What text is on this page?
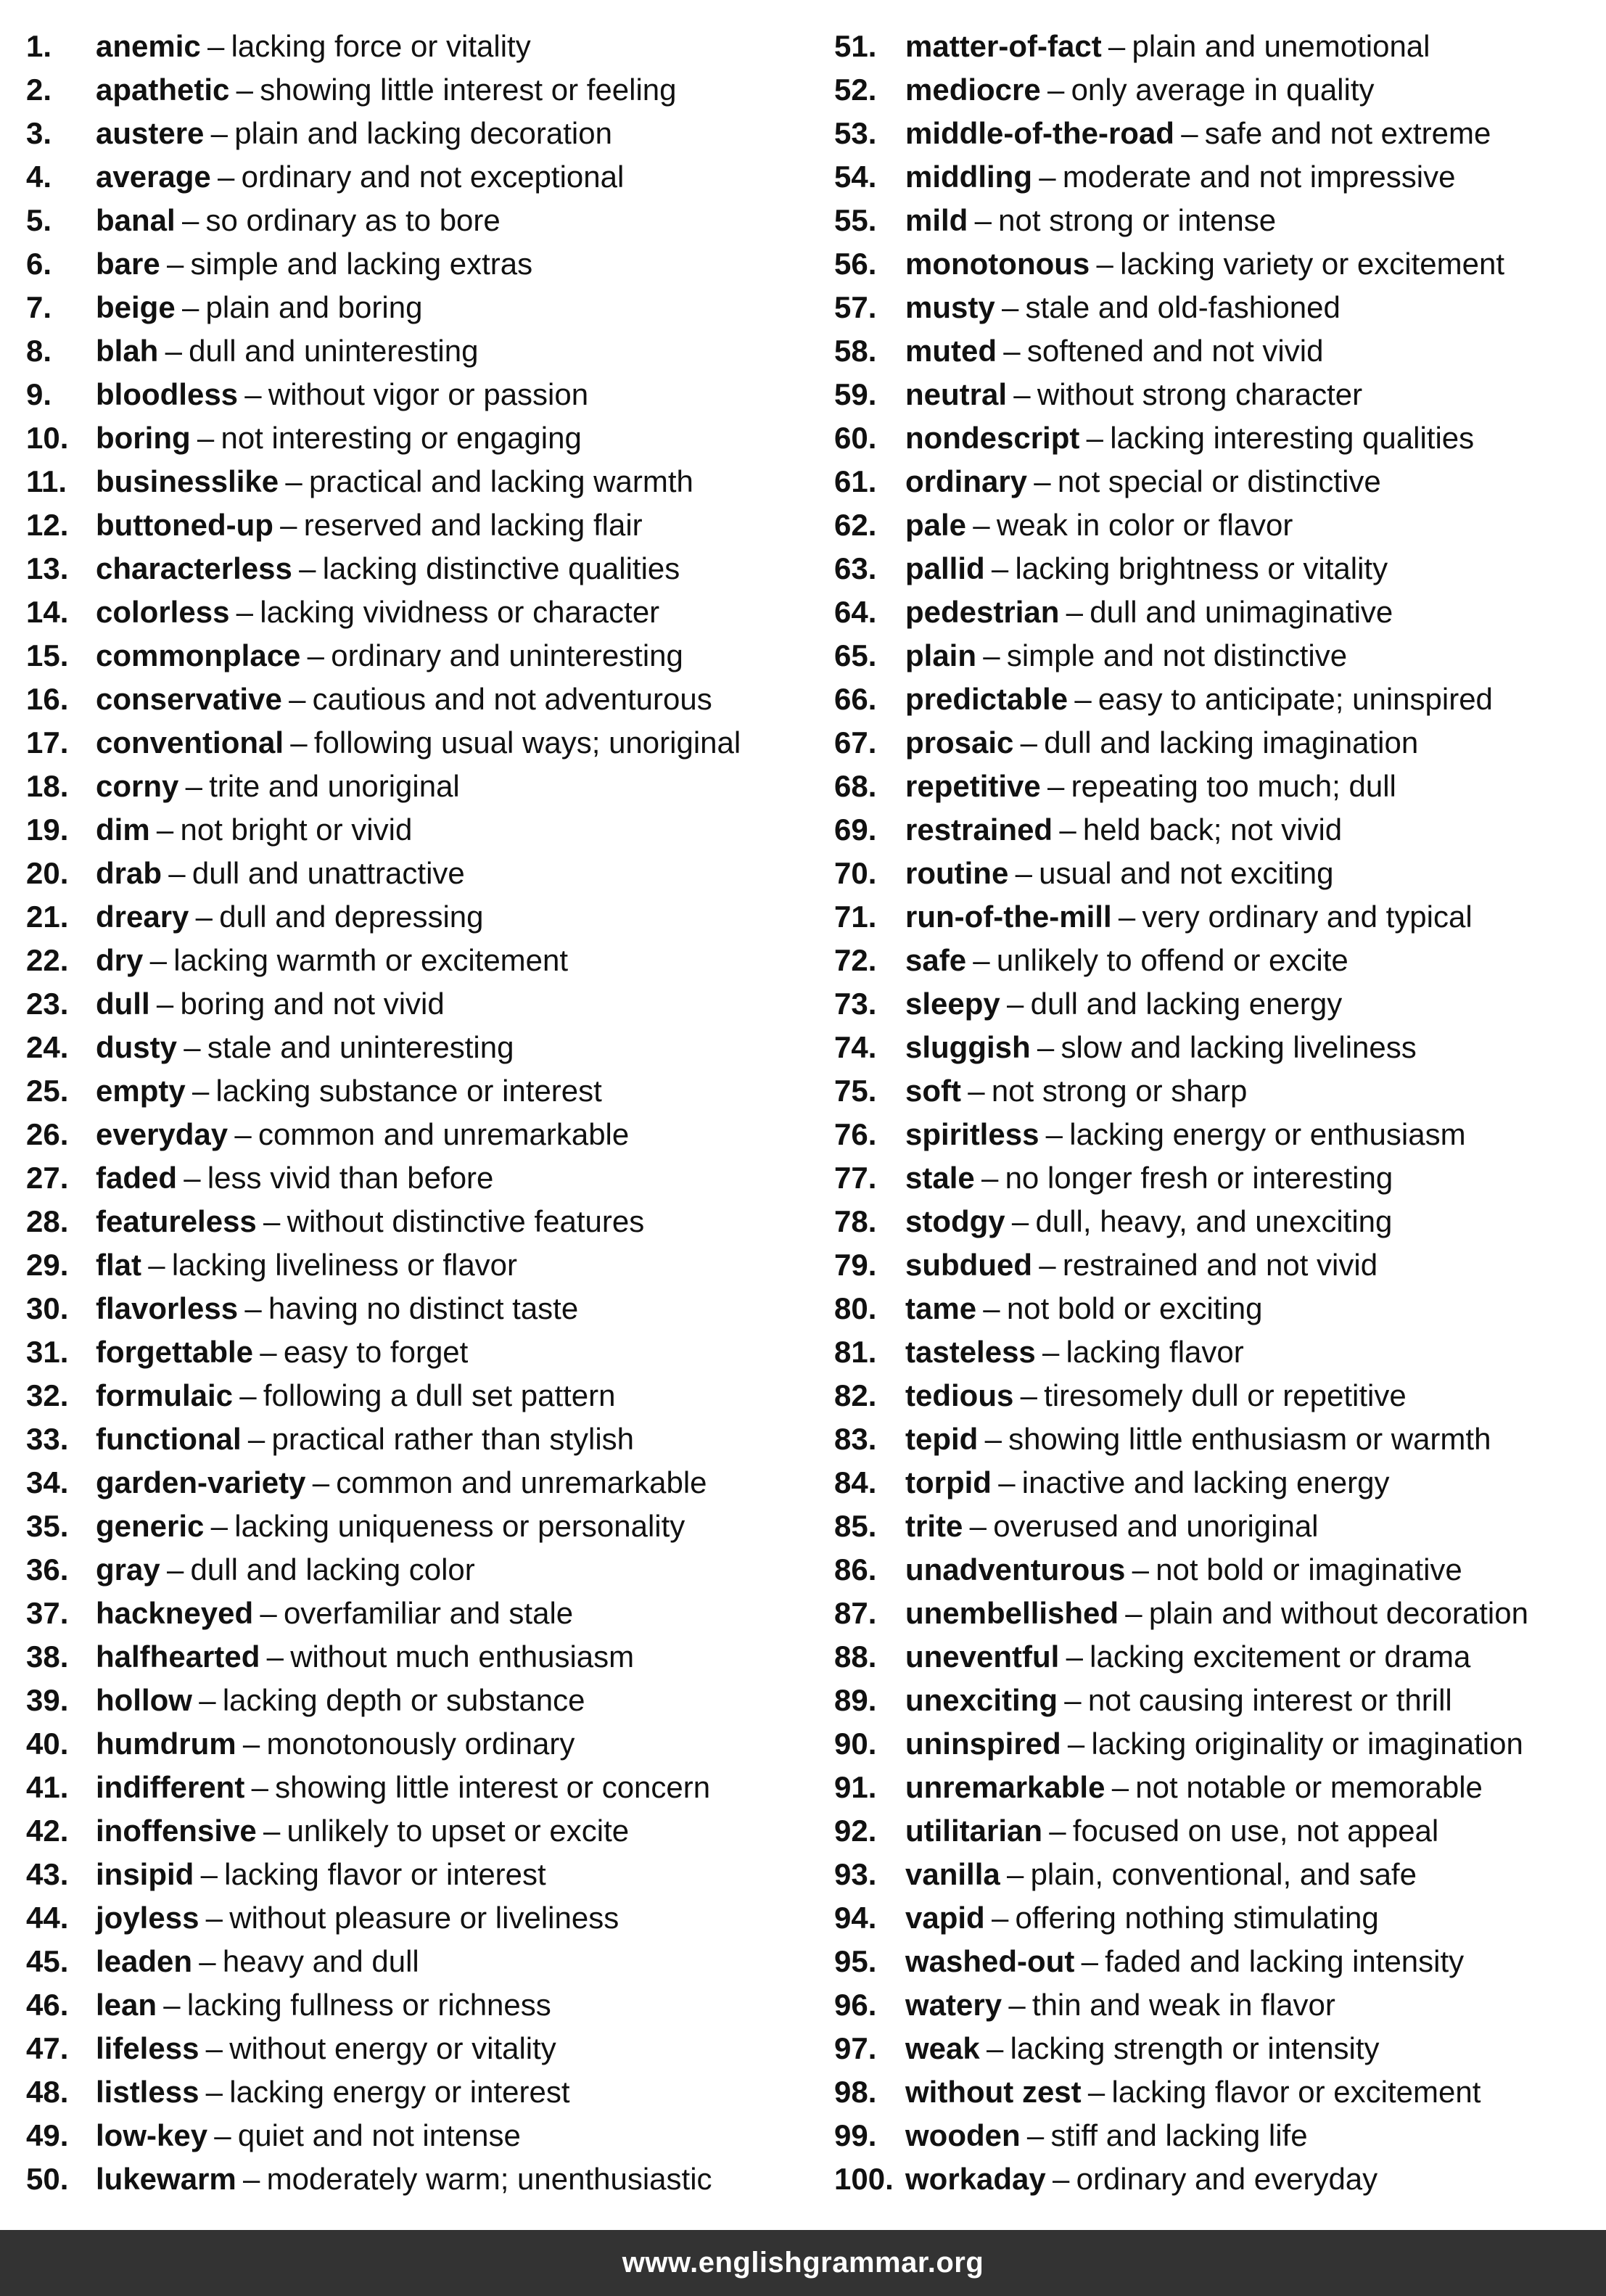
1.	anemic – lacking force or vitality
2.	apathetic – showing little interest or feeling
3.	austere – plain and lacking decoration
4.	average – ordinary and not exceptional
5.	banal – so ordinary as to bore
6.	bare – simple and lacking extras
7.	beige – plain and boring
8.	blah – dull and uninteresting
9.	bloodless – without vigor or passion
10. boring – not interesting or engaging
11. businesslike – practical and lacking warmth
12. buttoned-up – reserved and lacking flair
13. characterless – lacking distinctive qualities
14. colorless – lacking vividness or character
15. commonplace – ordinary and uninteresting
16. conservative – cautious and not adventurous
17. conventional – following usual ways; unoriginal
18. corny – trite and unoriginal
19. dim – not bright or vivid
20. drab – dull and unattractive
21. dreary – dull and depressing
22. dry – lacking warmth or excitement
23. dull – boring and not vivid
24. dusty – stale and uninteresting
25. empty – lacking substance or interest
26. everyday – common and unremarkable
27. faded – less vivid than before
28. featureless – without distinctive features
29. flat – lacking liveliness or flavor
30. flavorless – having no distinct taste
31. forgettable – easy to forget
32. formulaic – following a dull set pattern
33. functional – practical rather than stylish
34. garden-variety – common and unremarkable
35. generic – lacking uniqueness or personality
36. gray – dull and lacking color
37. hackneyed – overfamiliar and stale
38. halfhearted – without much enthusiasm
39. hollow – lacking depth or substance
40. humdrum – monotonously ordinary
41. indifferent – showing little interest or concern
42. inoffensive – unlikely to upset or excite
43. insipid – lacking flavor or interest
44. joyless – without pleasure or liveliness
45. leaden – heavy and dull
46. lean – lacking fullness or richness
47. lifeless – without energy or vitality
48. listless – lacking energy or interest
49. low-key – quiet and not intense
50. lukewarm – moderately warm; unenthusiastic
51. matter-of-fact – plain and unemotional
52. mediocre – only average in quality
53. middle-of-the-road – safe and not extreme
54. middling – moderate and not impressive
55. mild – not strong or intense
56. monotonous – lacking variety or excitement
57. musty – stale and old-fashioned
58. muted – softened and not vivid
59. neutral – without strong character
60. nondescript – lacking interesting qualities
61. ordinary – not special or distinctive
62. pale – weak in color or flavor
63. pallid – lacking brightness or vitality
64. pedestrian – dull and unimaginative
65. plain – simple and not distinctive
66. predictable – easy to anticipate; uninspired
67. prosaic – dull and lacking imagination
68. repetitive – repeating too much; dull
69. restrained – held back; not vivid
70. routine – usual and not exciting
71. run-of-the-mill – very ordinary and typical
72. safe – unlikely to offend or excite
73. sleepy – dull and lacking energy
74. sluggish – slow and lacking liveliness
75. soft – not strong or sharp
76. spiritless – lacking energy or enthusiasm
77. stale – no longer fresh or interesting
78. stodgy – dull, heavy, and unexciting
79. subdued – restrained and not vivid
80. tame – not bold or exciting
81. tasteless – lacking flavor
82. tedious – tiresomely dull or repetitive
83. tepid – showing little enthusiasm or warmth
84. torpid – inactive and lacking energy
85. trite – overused and unoriginal
86. unadventurous – not bold or imaginative
87. unembellished – plain and without decoration
88. uneventful – lacking excitement or drama
89. unexciting – not causing interest or thrill
90. uninspired – lacking originality or imagination
91. unremarkable – not notable or memorable
92. utilitarian – focused on use, not appeal
93. vanilla – plain, conventional, and safe
94. vapid – offering nothing stimulating
95. washed-out – faded and lacking intensity
96. watery – thin and weak in flavor
97. weak – lacking strength or intensity
98. without zest – lacking flavor or excitement
99. wooden – stiff and lacking life
100. workaday – ordinary and everyday
www.englishgrammar.org
